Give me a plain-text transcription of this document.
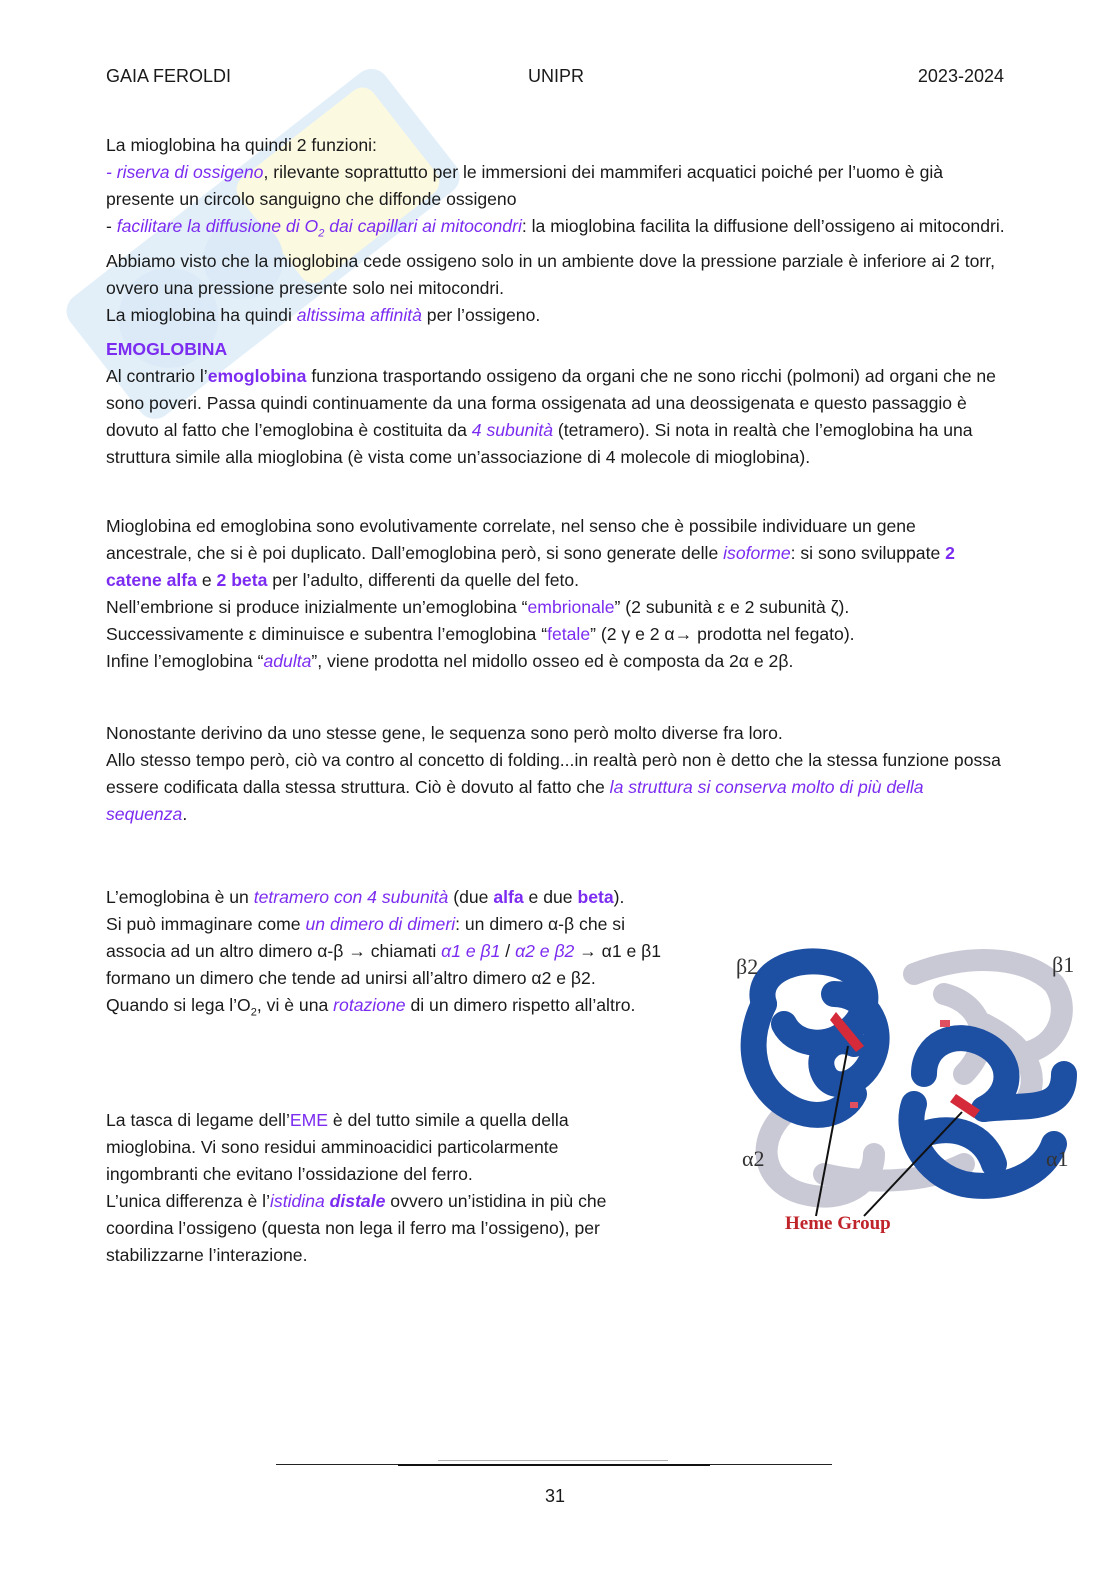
GAIA FEROLDI	UNIPR	2023-2024

La mioglobina ha quindi 2 funzioni:

- riserva di ossigeno, rilevante soprattutto per le immersioni dei mammiferi acquatici poiché per l’uomo è già presente un circolo sanguigno che diffonde ossigeno

- facilitare la diffusione di $O_2$ dai capillari ai mitocondri: la mioglobina facilita la diffusione dell’ossigeno ai mitocondri. Abbiamo visto che la mioglobina cede ossigeno solo in un ambiente dove la pressione parziale è inferiore ai 2 torr, ovvero una pressione presente solo nei mitocondri.

La mioglobina ha quindi altissima affinità per l’ossigeno.

EMOGLOBINA

Al contrario l’emoglobina funziona trasportando ossigeno da organi che ne sono ricchi (polmoni) ad organi che ne sono poveri. Passa quindi continuamente da una forma ossigenata ad una deossigenata e questo passaggio è dovuto al fatto che l’emoglobina è costituita da 4 subunità (tetramero). Si nota in realtà che l’emoglobina ha una struttura simile alla mioglobina (è vista come un’associazione di 4 molecole di mioglobina).

Mioglobina ed emoglobina sono evolutivamente correlate, nel senso che è possibile individuare un gene ancestrale, che si è poi duplicato. Dall’emoglobina però, si sono generate delle isoforme: si sono sviluppate 2 catene alfa e 2 beta per l’adulto, differenti da quelle del feto.

Nell’embrione si produce inizialmente un’emoglobina “embrionale” (2 subunità ε e 2 subunità ζ).

Successivamente ε diminuisce e subentra l’emoglobina “fetale” (2 γ e 2 α→ prodotta nel fegato).

Infine l’emoglobina “adulta”, viene prodotta nel midollo osseo ed è composta da 2α e 2β.

Nonostante derivino da uno stesse gene, le sequenza sono però molto diverse fra loro.

Allo stesso tempo però, ciò va contro al concetto di folding...in realtà però non è detto che la stessa funzione possa essere codificata dalla stessa struttura. Ciò è dovuto al fatto che la struttura si conserva molto di più della sequenza.

L’emoglobina è un tetramero con 4 subunità (due alfa e due beta).

Si può immaginare come un dimero di dimeri: un dimero α-β che si associa ad un altro dimero α-β → chiamati α1 e β1 / α2 e β2 → α1 e β1 formano un dimero che tende ad unirsi all’altro dimero α2 e β2.

Quando si lega $l’O_2$, vi è una rotazione di un dimero rispetto all’altro.

La tasca di legame dell’EME è del tutto simile a quella della mioglobina. Vi sono residui amminoacidici particolarmente ingombranti che evitano l’ossidazione del ferro.

L’unica differenza è l’istidina distale ovvero un’istidina in più che coordina l’ossigeno (questa non lega il ferro ma l’ossigeno), per stabilizzarne l’interazione.

β2	β1
α2	α1
Heme Group
31
